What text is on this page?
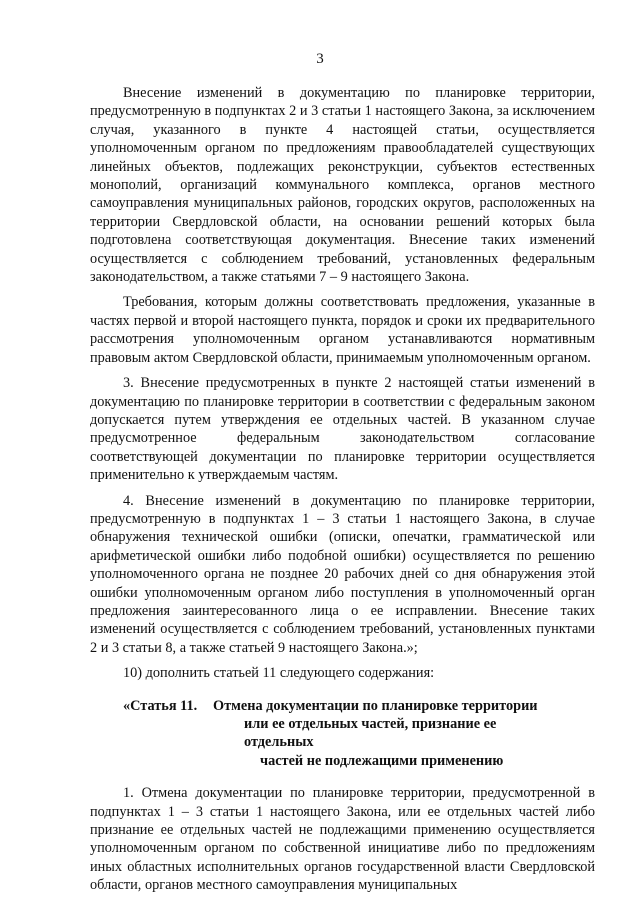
3

Внесение изменений в документацию по планировке территории, предусмотренную в подпунктах 2 и 3 статьи 1 настоящего Закона, за исключением случая, указанного в пункте 4 настоящей статьи, осуществляется уполномоченным органом по предложениям правообладателей существующих линейных объектов, подлежащих реконструкции, субъектов естественных монополий, организаций коммунального комплекса, органов местного самоуправления муниципальных районов, городских округов, расположенных на территории Свердловской области, на основании решений которых была подготовлена соответствующая документация. Внесение таких изменений осуществляется с соблюдением требований, установленных федеральным законодательством, а также статьями 7 – 9 настоящего Закона.

Требования, которым должны соответствовать предложения, указанные в частях первой и второй настоящего пункта, порядок и сроки их предварительного рассмотрения уполномоченным органом устанавливаются нормативным правовым актом Свердловской области, принимаемым уполномоченным органом.

3. Внесение предусмотренных в пункте 2 настоящей статьи изменений в документацию по планировке территории в соответствии с федеральным законом допускается путем утверждения ее отдельных частей. В указанном случае предусмотренное федеральным законодательством согласование соответствующей документации по планировке территории осуществляется применительно к утверждаемым частям.

4. Внесение изменений в документацию по планировке территории, предусмотренную в подпунктах 1 – 3 статьи 1 настоящего Закона, в случае обнаружения технической ошибки (описки, опечатки, грамматической или арифметической ошибки либо подобной ошибки) осуществляется по решению уполномоченного органа не позднее 20 рабочих дней со дня обнаружения этой ошибки уполномоченным органом либо поступления в уполномоченный орган предложения заинтересованного лица о ее исправлении. Внесение таких изменений осуществляется с соблюдением требований, установленных пунктами 2 и 3 статьи 8, а также статьей 9 настоящего Закона.»;

10) дополнить статьей 11 следующего содержания:

«Статья 11. Отмена документации по планировке территории
или ее отдельных частей, признание ее отдельных
частей не подлежащими применению

1. Отмена документации по планировке территории, предусмотренной в подпунктах 1 – 3 статьи 1 настоящего Закона, или ее отдельных частей либо признание ее отдельных частей не подлежащими применению осуществляется уполномоченным органом по собственной инициативе либо по предложениям иных областных исполнительных органов государственной власти Свердловской области, органов местного самоуправления муниципальных
